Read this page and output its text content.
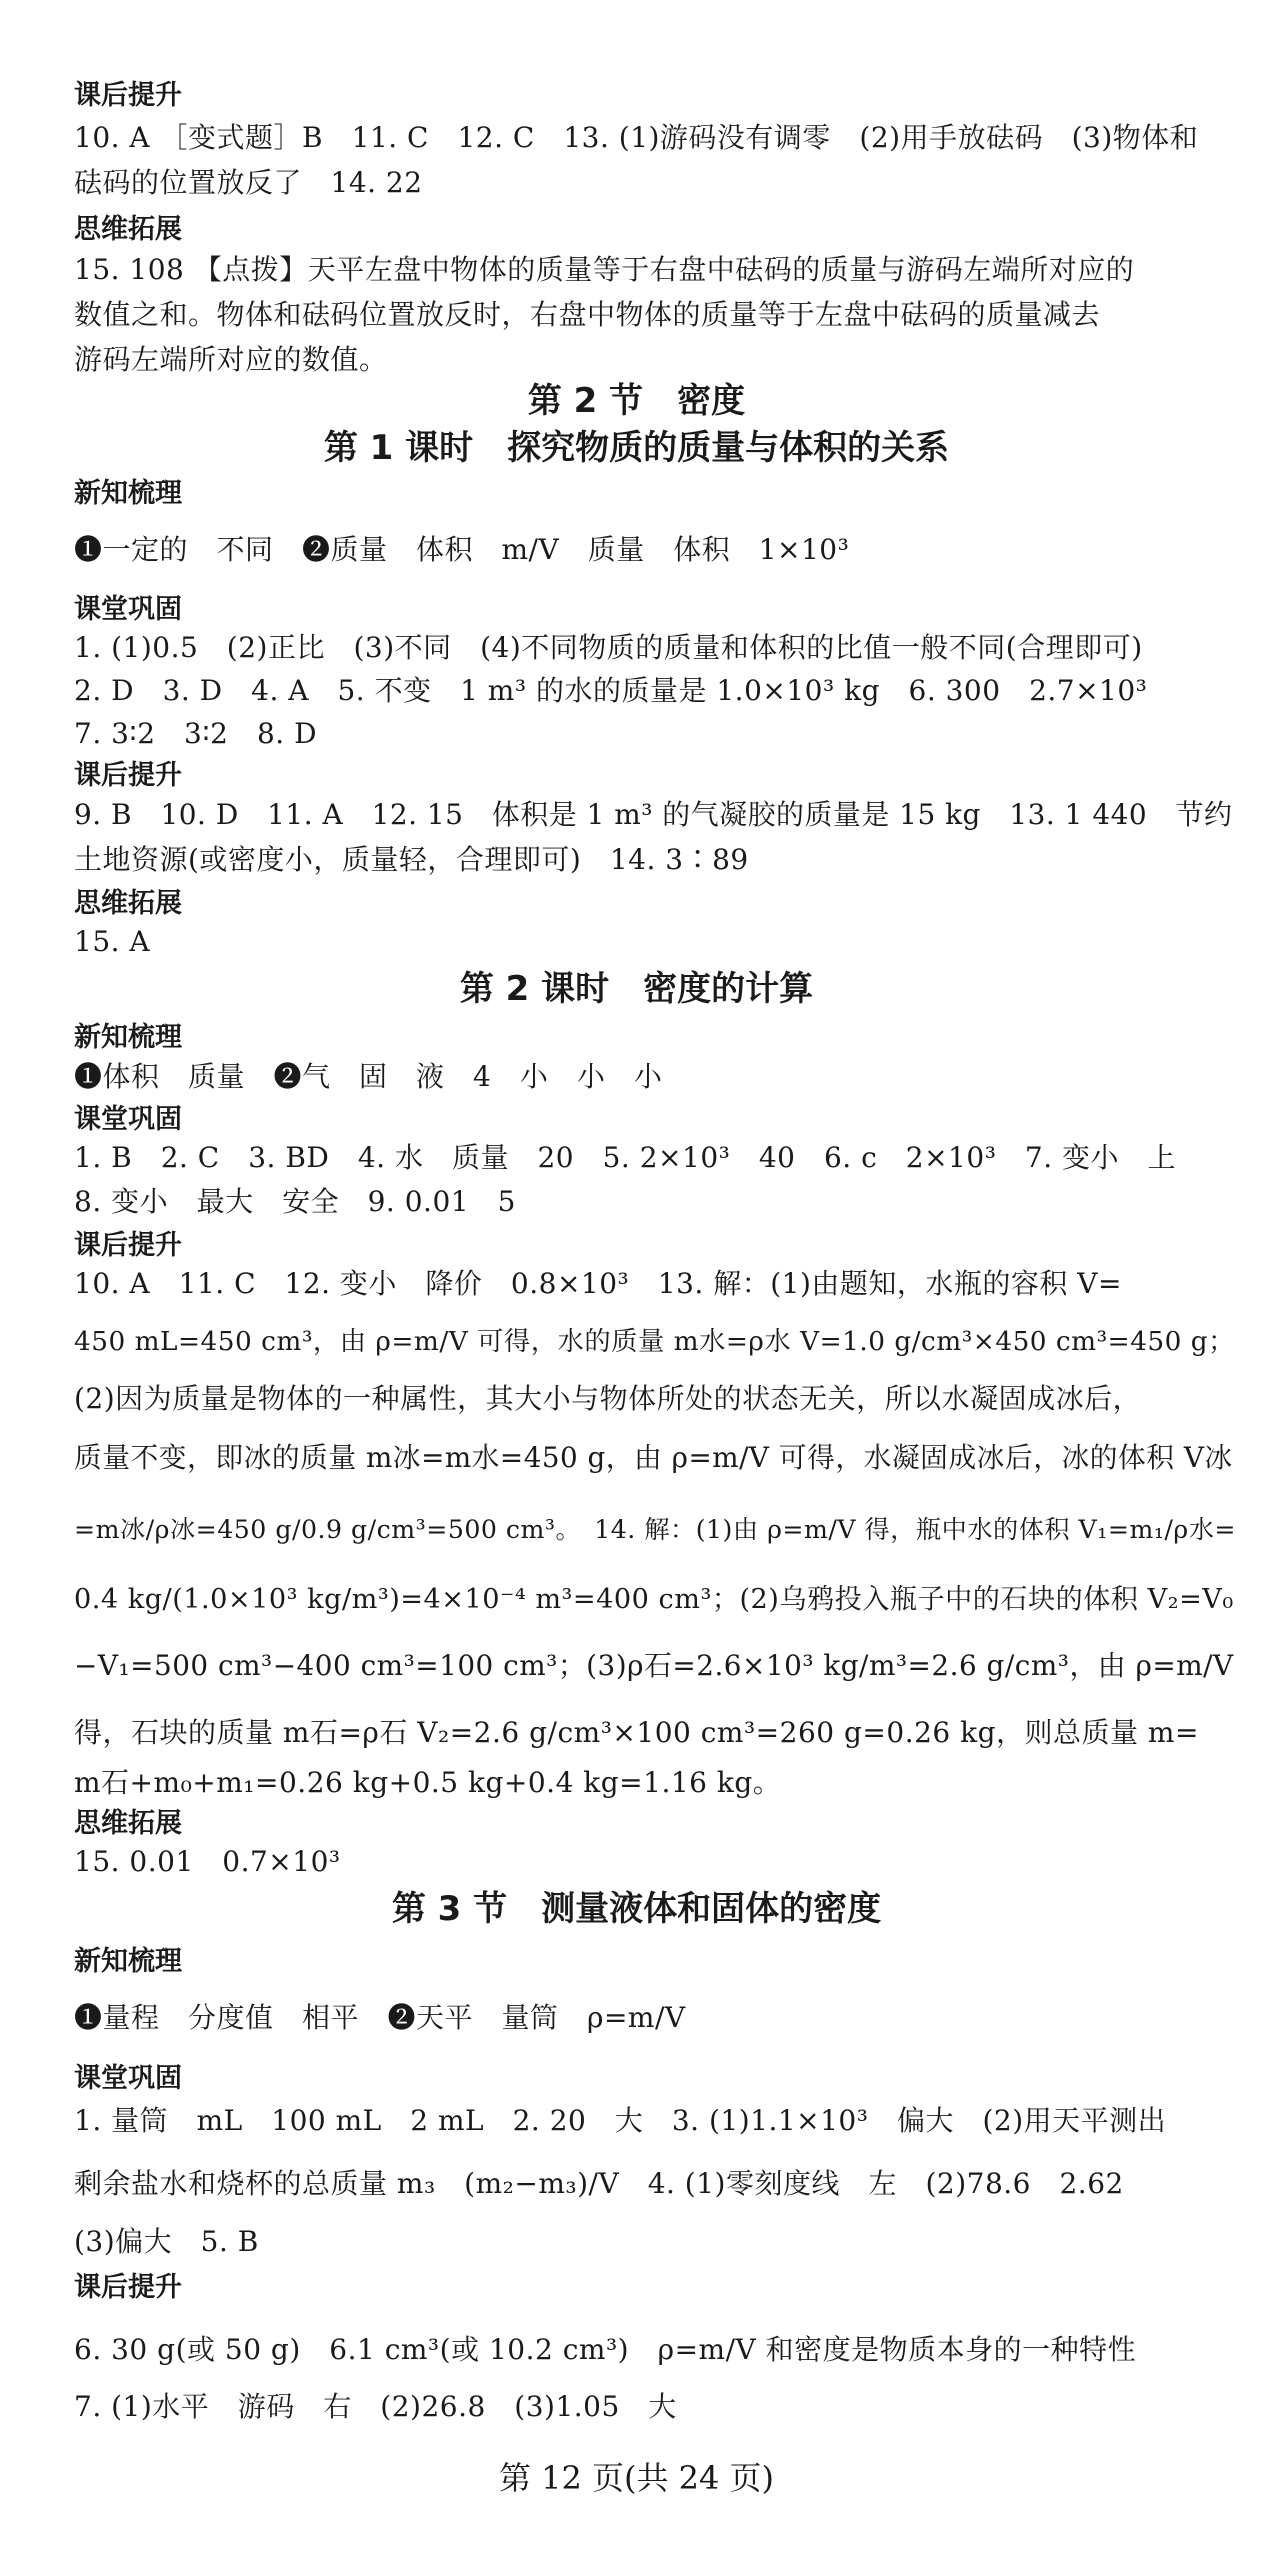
课后提升
10. A ［变式题］B　11. C　12. C　13. (1)游码没有调零　(2)用手放砝码　(3)物体和
砝码的位置放反了　14. 22
思维拓展
15. 108 【点拨】天平左盘中物体的质量等于右盘中砝码的质量与游码左端所对应的
数值之和。物体和砝码位置放反时，右盘中物体的质量等于左盘中砝码的质量减去
游码左端所对应的数值。
第 2 节　密度
第 1 课时　探究物质的质量与体积的关系
新知梳理
❶一定的　不同　❷质量　体积　m/V　质量　体积　1×10³
课堂巩固
1. (1)0.5　(2)正比　(3)不同　(4)不同物质的质量和体积的比值一般不同(合理即可)
2. D　3. D　4. A　5. 不变　1 m³ 的水的质量是 1.0×10³ kg　6. 300　2.7×10³
7. 3∶2　3∶2　8. D
课后提升
9. B　10. D　11. A　12. 15　体积是 1 m³ 的气凝胶的质量是 15 kg　13. 1 440　节约
土地资源(或密度小，质量轻，合理即可)　14. 3∶89
思维拓展
15. A
第 2 课时　密度的计算
新知梳理
❶体积　质量　❷气　固　液　4　小　小　小
课堂巩固
1. B　2. C　3. BD　4. 水　质量　20　5. 2×10³　40　6. c　2×10³　7. 变小　上
8. 变小　最大　安全　9. 0.01　5
课后提升
10. A　11. C　12. 变小　降价　0.8×10³　13. 解：(1)由题知，水瓶的容积 V=
450 mL=450 cm³，由 ρ=m/V 可得，水的质量 m水=ρ水 V=1.0 g/cm³×450 cm³=450 g；
(2)因为质量是物体的一种属性，其大小与物体所处的状态无关，所以水凝固成冰后，
质量不变，即冰的质量 m冰=m水=450 g，由 ρ=m/V 可得，水凝固成冰后，冰的体积 V冰
=m冰/ρ冰=450 g/0.9 g/cm³=500 cm³。　14. 解：(1)由 ρ=m/V 得，瓶中水的体积 V₁=m₁/ρ水=
0.4 kg/(1.0×10³ kg/m³)=4×10⁻⁴ m³=400 cm³；(2)乌鸦投入瓶子中的石块的体积 V₂=V₀
−V₁=500 cm³−400 cm³=100 cm³；(3)ρ石=2.6×10³ kg/m³=2.6 g/cm³，由 ρ=m/V
得，石块的质量 m石=ρ石 V₂=2.6 g/cm³×100 cm³=260 g=0.26 kg，则总质量 m=
m石+m₀+m₁=0.26 kg+0.5 kg+0.4 kg=1.16 kg。
思维拓展
15. 0.01　0.7×10³
第 3 节　测量液体和固体的密度
新知梳理
❶量程　分度值　相平　❷天平　量筒　ρ=m/V
课堂巩固
1. 量筒　mL　100 mL　2 mL　2. 20　大　3. (1)1.1×10³　偏大　(2)用天平测出
剩余盐水和烧杯的总质量 m₃　(m₂−m₃)/V　4. (1)零刻度线　左　(2)78.6　2.62
(3)偏大　5. B
课后提升
6. 30 g(或 50 g)　6.1 cm³(或 10.2 cm³)　ρ=m/V 和密度是物质本身的一种特性
7. (1)水平　游码　右　(2)26.8　(3)1.05　大
第 12 页(共 24 页)
